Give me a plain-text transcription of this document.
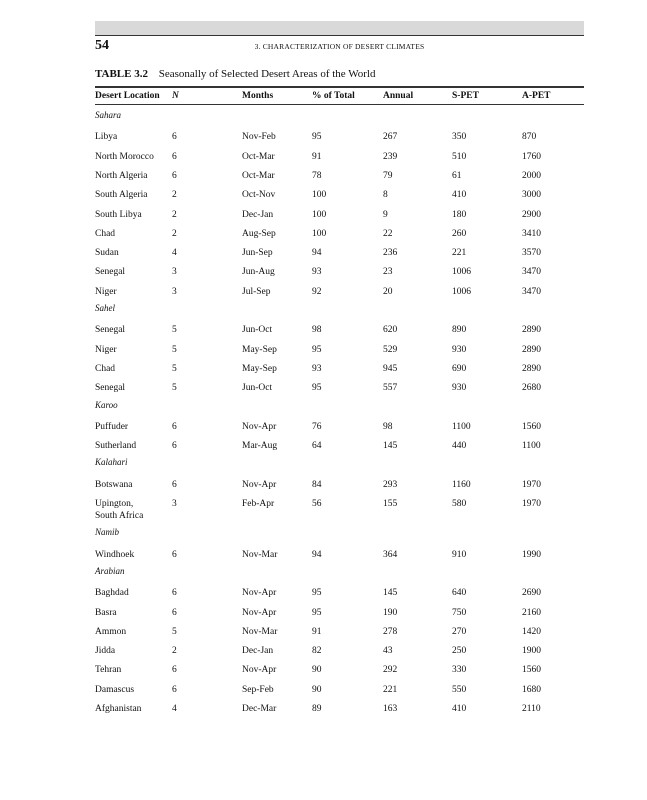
54	3. CHARACTERIZATION OF DESERT CLIMATES
TABLE 3.2 Seasonally of Selected Desert Areas of the World
Desert Location N	Months	% of Total	Annual	S-PET	A-PET
Sahara
Libya	6	Nov-Feb	95	267	350	870
North Morocco 6	Oct-Mar	91	239	510	1760
North Algeria	6	Oct-Mar	78	79	61	2000
South Algeria	2	Oct-Nov	100	8	410	3000
South Libya	2	Dec-Jan	100	9	180	2900
Chad	2	Aug-Sep	100	22	260	3410
Sudan	4	Jun-Sep	94	236	221	3570
Senegal	3	Jun-Aug	93	23	1006	3470
Niger	3	Jul-Sep	92	20	1006	3470
Sahel
Senegal	5	Jun-Oct	98	620	890	2890
Niger	5	May-Sep	95	529	930	2890
Chad	5	May-Sep	93	945	690	2890
Senegal	5	Jun-Oct	95	557	930	2680
Karoo
Puffuder	6	Nov-Apr	76	98	1100	1560
Sutherland	6	Mar-Aug	64	145	440	1100
Kalahari
Botswana	6	Nov-Apr	84	293	1160	1970
Upington,	3	Feb-Apr	56	155	580	1970
South Africa
Namib
Windhoek	6	Nov-Mar	94	364	910	1990
Arabian
Baghdad	6	Nov-Apr	95	145	640	2690
Basra	6	Nov-Apr	95	190	750	2160
Ammon	5	Nov-Mar	91	278	270	1420
Jidda	2	Dec-Jan	82	43	250	1900
Tehran	6	Nov-Apr	90	292	330	1560
Damascus	6	Sep-Feb	90	221	550	1680
Afghanistan	4	Dec-Mar	89	163	410	2110
